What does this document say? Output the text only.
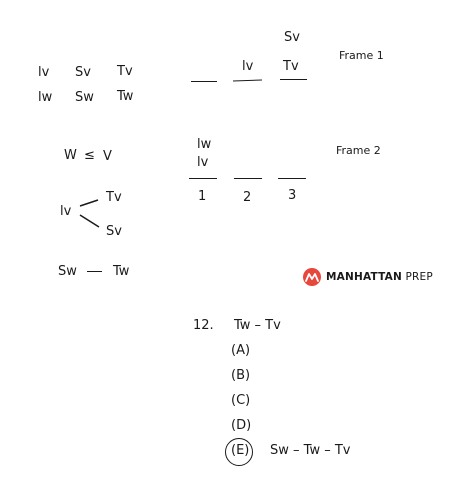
lv Sv Tv
lw Sw Tw
Sv
Frame 1
lv Tv
Frame 2
lw
lv
1	2	3
W ≤ V
lv
Tv
Sv
Sw	Tw	MANHATTAN PREP
12. Tw – Tv
(A)
(B)
(C)
(D)
(E) Sw – Tw – Tv
